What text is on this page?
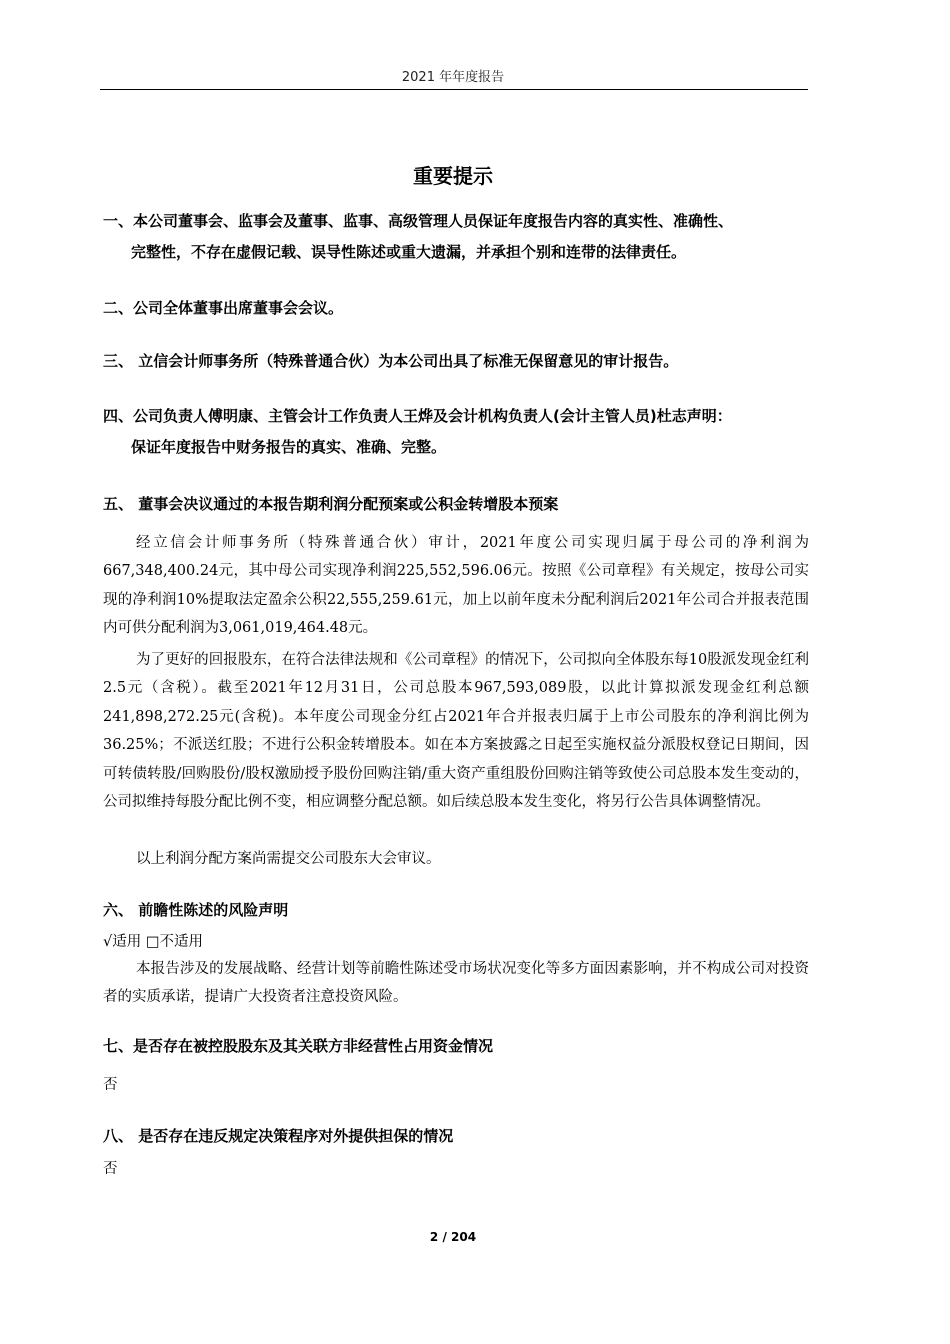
2021 年年度报告
重要提示
一、本公司董事会、监事会及董事、监事、高级管理人员保证年度报告内容的真实性、准确性、
完整性，不存在虚假记载、误导性陈述或重大遗漏，并承担个别和连带的法律责任。
二、公司全体董事出席董事会会议。
三、 立信会计师事务所（特殊普通合伙）为本公司出具了标准无保留意见的审计报告。
四、公司负责人傅明康、主管会计工作负责人王烨及会计机构负责人(会计主管人员)杜志声明：
保证年度报告中财务报告的真实、准确、完整。
五、 董事会决议通过的本报告期利润分配预案或公积金转增股本预案
经立信会计师事务所（特殊普通合伙）审计，2021年度公司实现归属于母公司的净利润为667,348,400.24元，其中母公司实现净利润225,552,596.06元。按照《公司章程》有关规定，按母公司实现的净利润10%提取法定盈余公积22,555,259.61元，加上以前年度未分配利润后2021年公司合并报表范围内可供分配利润为3,061,019,464.48元。
为了更好的回报股东，在符合法律法规和《公司章程》的情况下，公司拟向全体股东每10股派发现金红利2.5元（含税）。截至2021年12月31日，公司总股本967,593,089股，以此计算拟派发现金红利总额241,898,272.25元(含税)。本年度公司现金分红占2021年合并报表归属于上市公司股东的净利润比例为36.25%；不派送红股；不进行公积金转增股本。如在本方案披露之日起至实施权益分派股权登记日期间，因可转债转股/回购股份/股权激励授予股份回购注销/重大资产重组股份回购注销等致使公司总股本发生变动的，公司拟维持每股分配比例不变，相应调整分配总额。如后续总股本发生变化，将另行公告具体调整情况。
以上利润分配方案尚需提交公司股东大会审议。
六、 前瞻性陈述的风险声明
√适用 □不适用
本报告涉及的发展战略、经营计划等前瞻性陈述受市场状况变化等多方面因素影响，并不构成公司对投资者的实质承诺，提请广大投资者注意投资风险。
七、是否存在被控股股东及其关联方非经营性占用资金情况
否
八、 是否存在违反规定决策程序对外提供担保的情况
否
2 / 204
